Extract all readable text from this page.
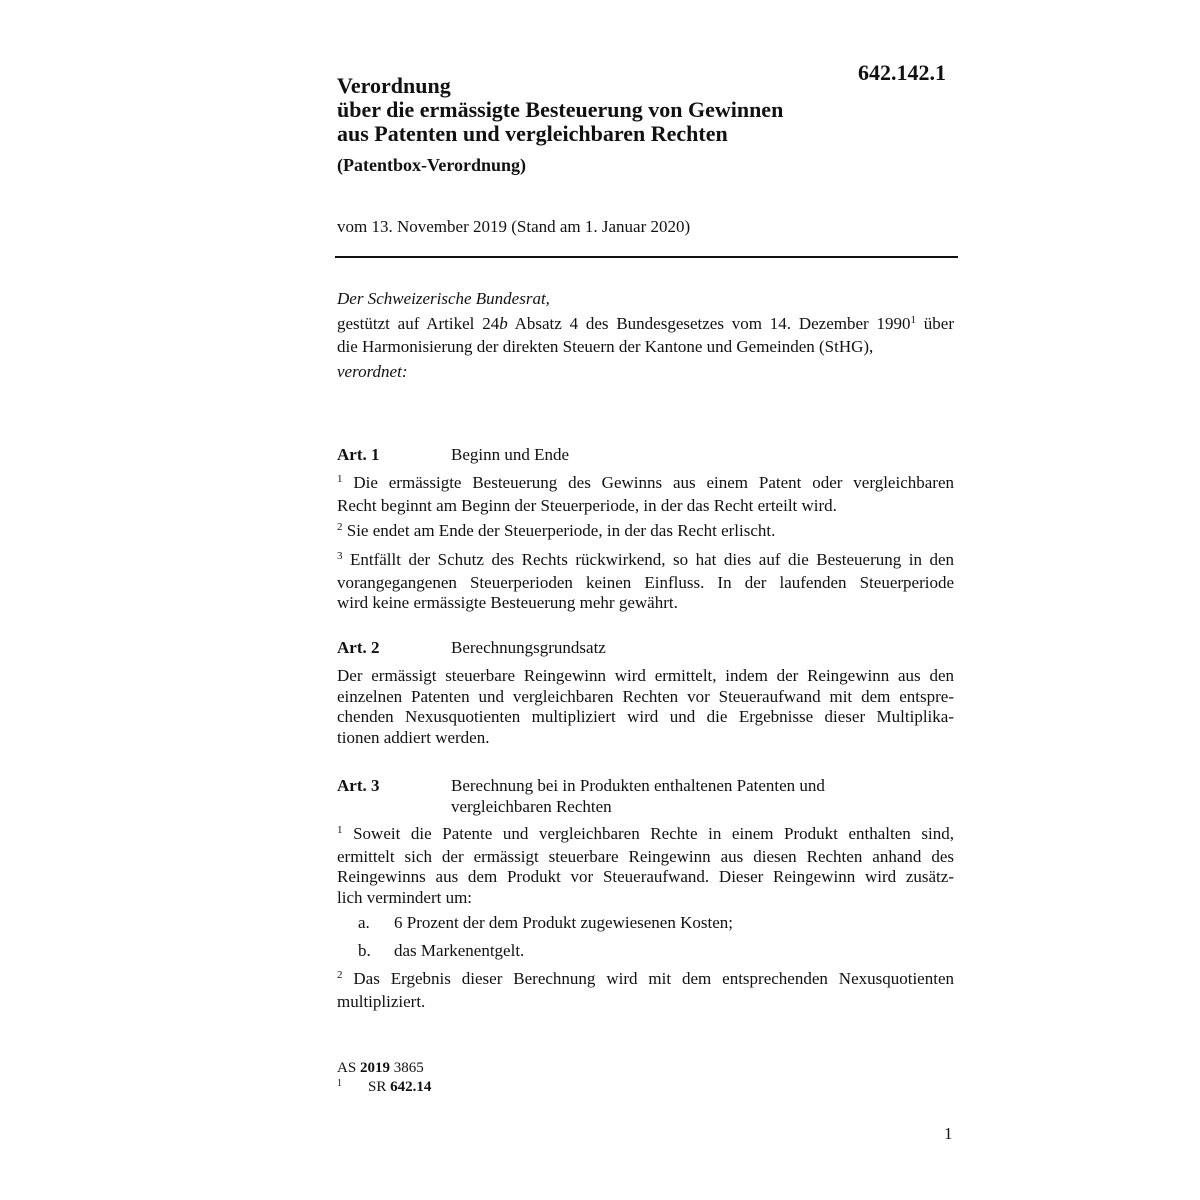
642.142.1
Verordnung
über die ermässigte Besteuerung von Gewinnen
aus Patenten und vergleichbaren Rechten
(Patentbox-Verordnung)
vom 13. November 2019 (Stand am 1. Januar 2020)
Der Schweizerische Bundesrat,
gestützt auf Artikel 24b Absatz 4 des Bundesgesetzes vom 14. Dezember 1990$^1$ über
die Harmonisierung der direkten Steuern der Kantone und Gemeinden (StHG),
verordnet:
Art. 1	Beginn und Ende
$^1$ Die ermässigte Besteuerung des Gewinns aus einem Patent oder vergleichbaren
Recht beginnt am Beginn der Steuerperiode, in der das Recht erteilt wird.
$^2$ Sie endet am Ende der Steuerperiode, in der das Recht erlischt.
$^3$ Entfällt der Schutz des Rechts rückwirkend, so hat dies auf die Besteuerung in den
vorangegangenen Steuerperioden keinen Einfluss. In der laufenden Steuerperiode
wird keine ermässigte Besteuerung mehr gewährt.
Art. 2	Berechnungsgrundsatz
Der ermässigt steuerbare Reingewinn wird ermittelt, indem der Reingewinn aus den
einzelnen Patenten und vergleichbaren Rechten vor Steueraufwand mit dem entspre-
chenden Nexusquotienten multipliziert wird und die Ergebnisse dieser Multiplika-
tionen addiert werden.
Art. 3	Berechnung bei in Produkten enthaltenen Patenten und
vergleichbaren Rechten
$^1$ Soweit die Patente und vergleichbaren Rechte in einem Produkt enthalten sind,
ermittelt sich der ermässigt steuerbare Reingewinn aus diesen Rechten anhand des
Reingewinns aus dem Produkt vor Steueraufwand. Dieser Reingewinn wird zusätz-
lich vermindert um:
a. 6 Prozent der dem Produkt zugewiesenen Kosten;
b. das Markenentgelt.
$^2$ Das Ergebnis dieser Berechnung wird mit dem entsprechenden Nexusquotienten
multipliziert.
AS 2019 3865
$^1$ SR 642.14
1
